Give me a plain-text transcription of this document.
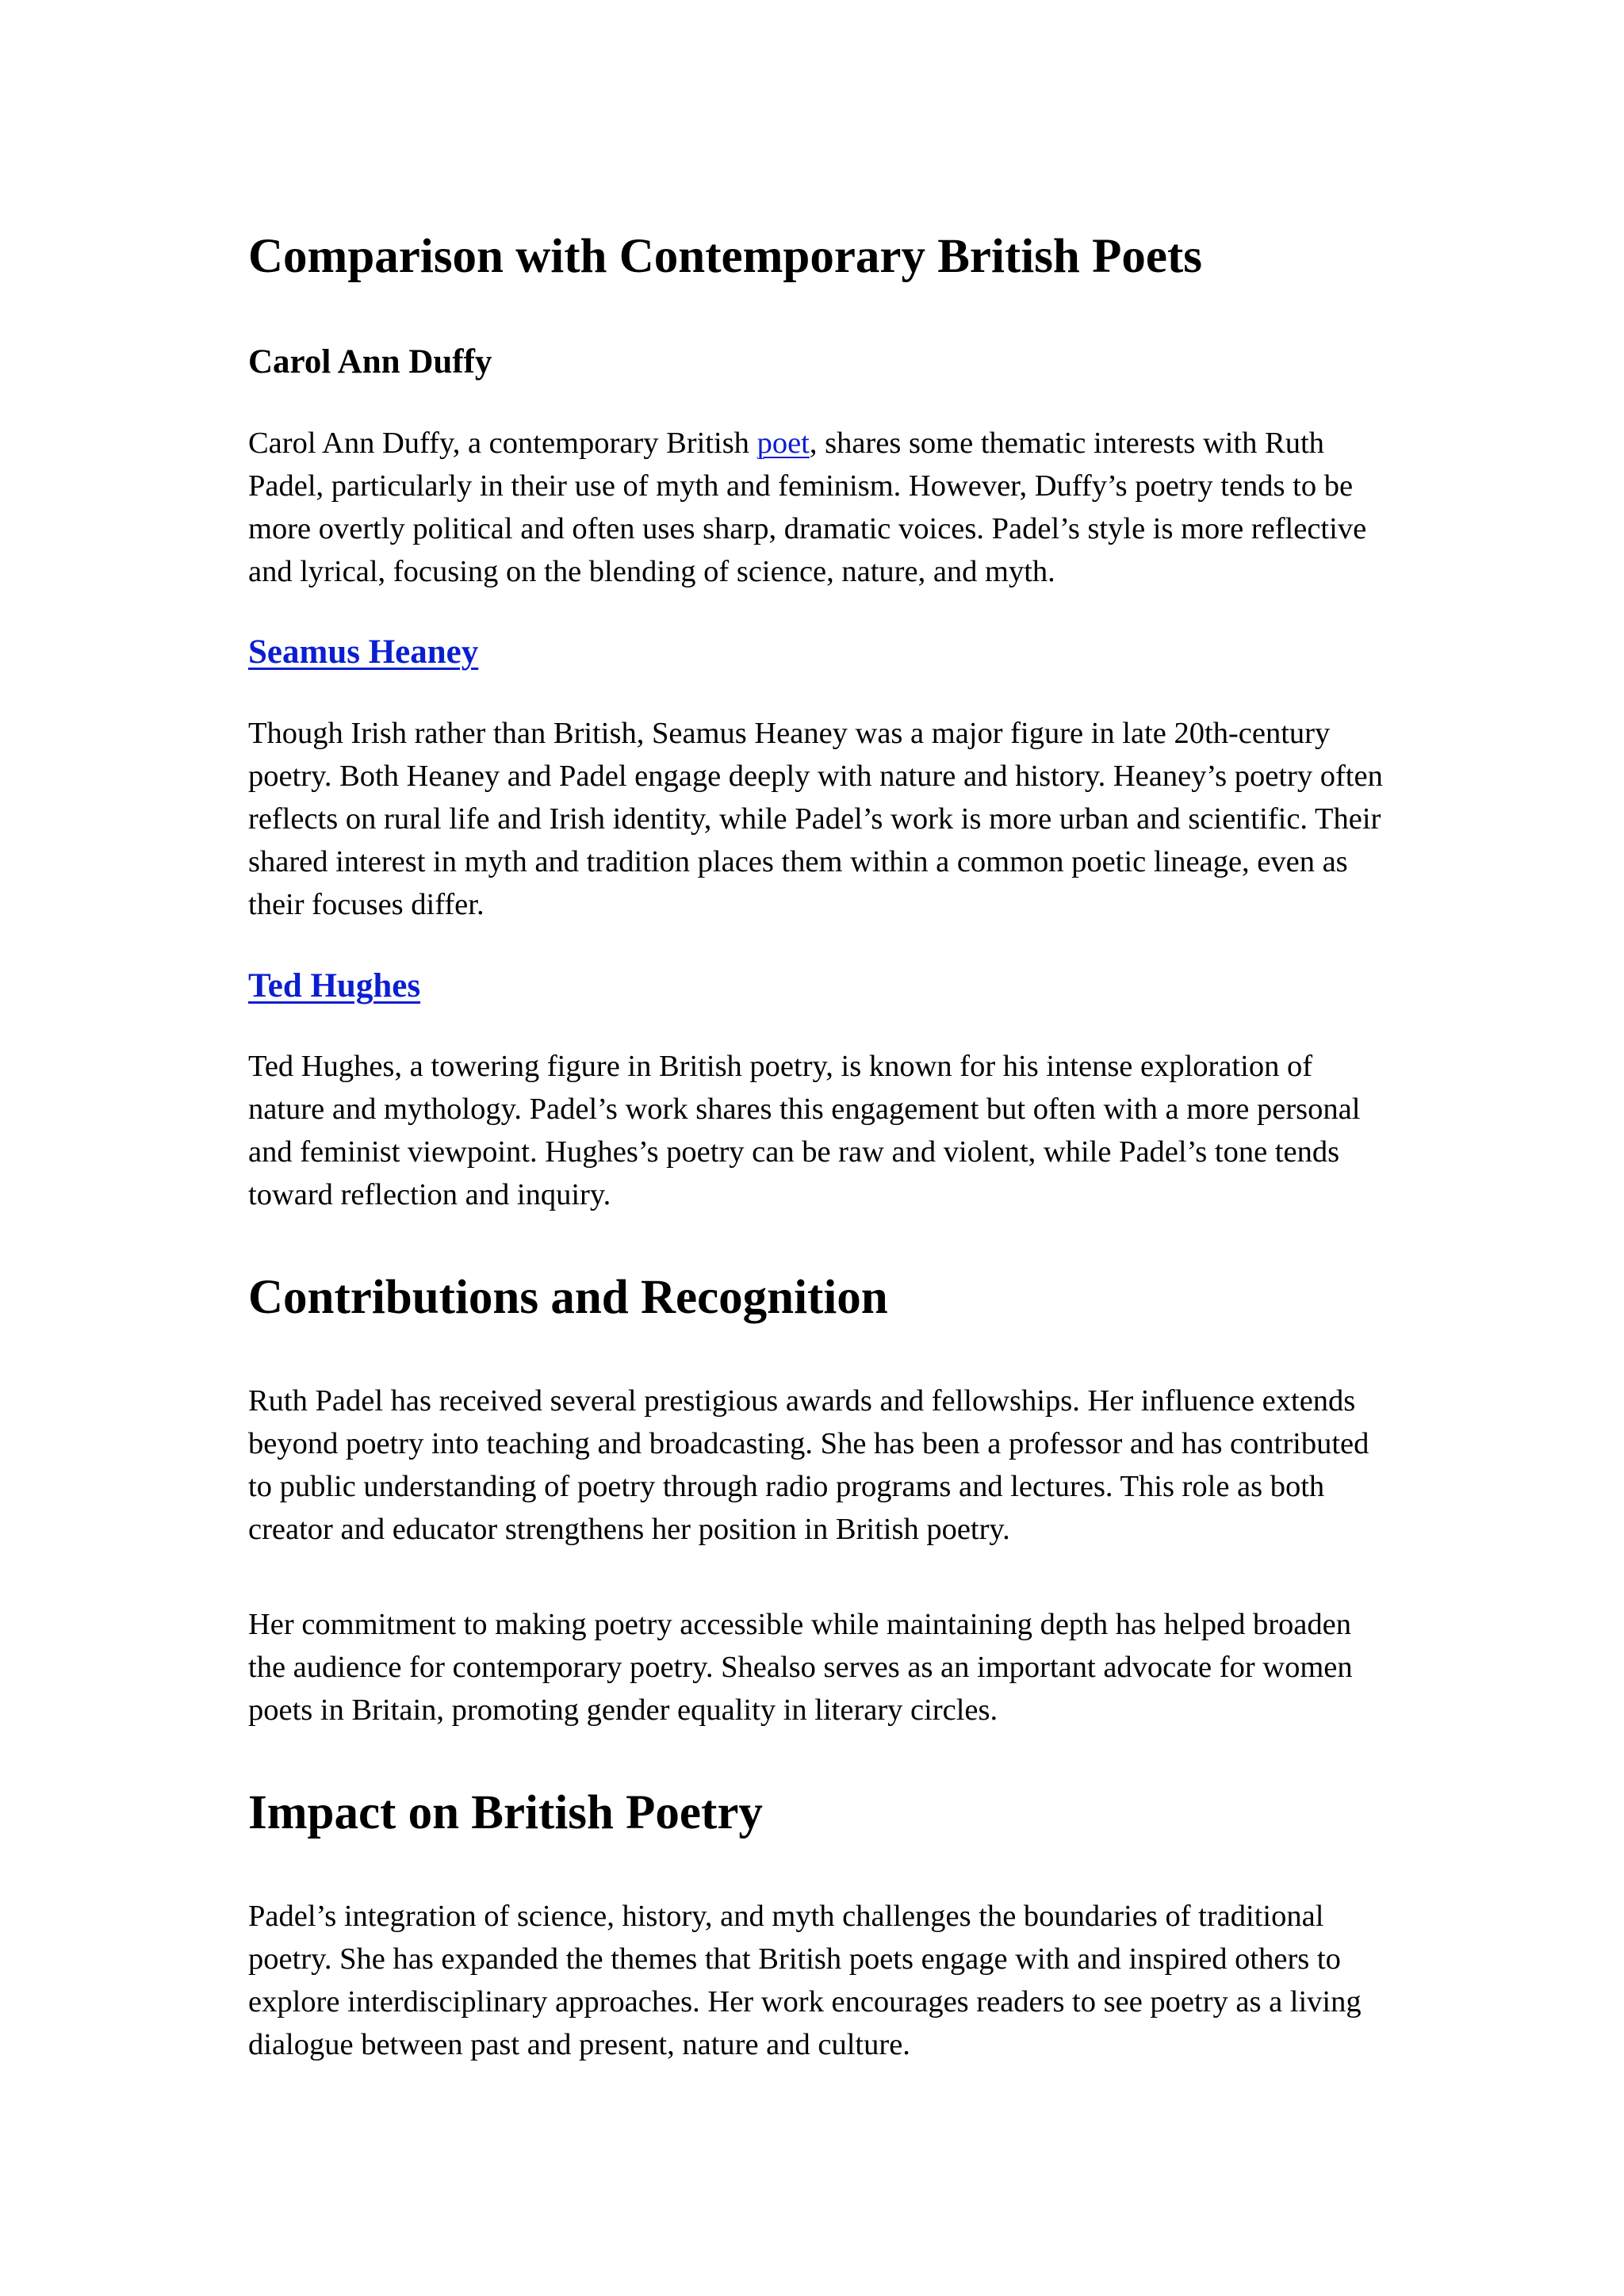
Comparison with Contemporary British Poets
Carol Ann Duffy

Carol Ann Duffy, a contemporary British poet, shares some thematic interests with Ruth Padel, particularly in their use of myth and feminism. However, Duffy’s poetry tends to be more overtly political and often uses sharp, dramatic voices. Padel’s style is more reflective and lyrical, focusing on the blending of science, nature, and myth.

Seamus Heaney

Though Irish rather than British, Seamus Heaney was a major figure in late 20th-century poetry. Both Heaney and Padel engage deeply with nature and history. Heaney’s poetry often reflects on rural life and Irish identity, while Padel’s work is more urban and scientific. Their shared interest in myth and tradition places them within a common poetic lineage, even as their focuses differ.

Ted Hughes

Ted Hughes, a towering figure in British poetry, is known for his intense exploration of nature and mythology. Padel’s work shares this engagement but often with a more personal and feminist viewpoint. Hughes’s poetry can be raw and violent, while Padel’s tone tends toward reflection and inquiry.

Contributions and Recognition

Ruth Padel has received several prestigious awards and fellowships. Her influence extends beyond poetry into teaching and broadcasting. She has been a professor and has contributed to public understanding of poetry through radio programs and lectures. This role as both creator and educator strengthens her position in British poetry.

Her commitment to making poetry accessible while maintaining depth has helped broaden the audience for contemporary poetry. Shealso serves as an important advocate for women poets in Britain, promoting gender equality in literary circles.

Impact on British Poetry

Padel’s integration of science, history, and myth challenges the boundaries of traditional poetry. She has expanded the themes that British poets engage with and inspired others to explore interdisciplinary approaches. Her work encourages readers to see poetry as a living dialogue between past and present, nature and culture.
